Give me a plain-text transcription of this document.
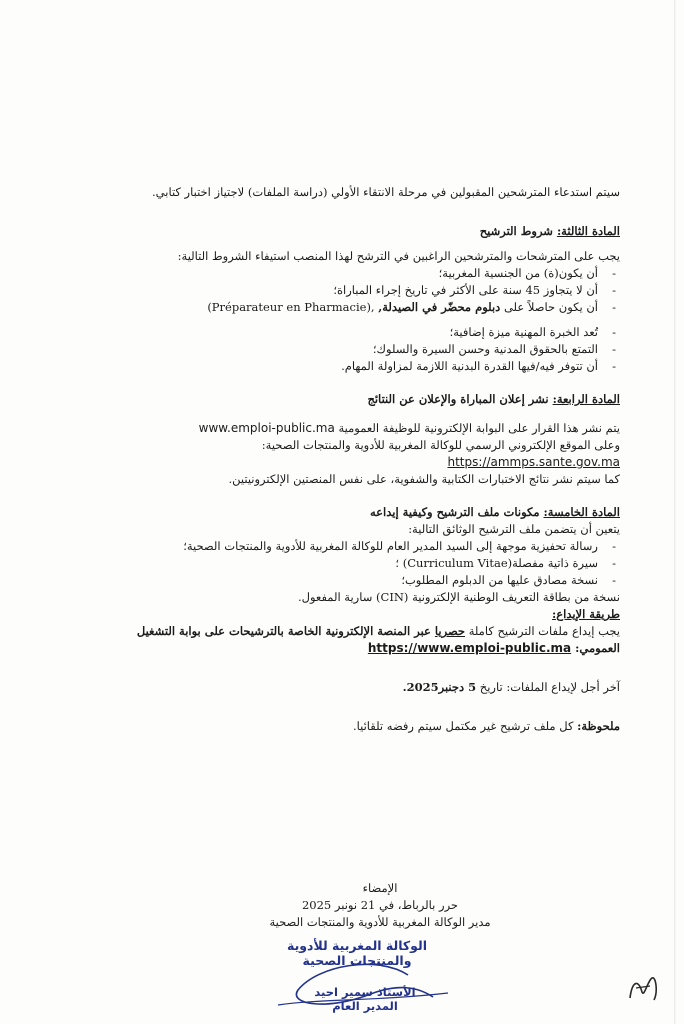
سيتم استدعاء المترشحين المقبولين في مرحلة الانتقاء الأولي (دراسة الملفات) لاجتياز اختبار كتابي.

المادة الثالثة: شروط الترشيح

يجب على المترشحات والمترشحين الراغبين في الترشح لهذا المنصب استيفاء الشروط التالية:

- أن يكون(ة) من الجنسية المغربية؛
- أن لا يتجاوز 45 سنة على الأكثر في تاريخ إجراء المباراة؛
- أن يكون حاصلاً على دبلوم محضّر في الصيدلة, (Préparateur en Pharmacie),
- تُعد الخبرة المهنية ميزة إضافية؛
- التمتع بالحقوق المدنية وحسن السيرة والسلوك؛
- أن تتوفر فيه/فيها القدرة البدنية اللازمة لمزاولة المهام.

المادة الرابعة: نشر إعلان المباراة والإعلان عن النتائج

يتم نشر هذا القرار على البوابة الإلكترونية للوظيفة العمومية www.emploi-public.ma

وعلى الموقع الإلكتروني الرسمي للوكالة المغربية للأدوية والمنتجات الصحية:

https://ammps.sante.gov.ma

كما سيتم نشر نتائج الاختبارات الكتابية والشفوية، على نفس المنصتين الإلكترونيتين.

المادة الخامسة: مكونات ملف الترشيح وكيفية إيداعه

يتعين أن يتضمن ملف الترشيح الوثائق التالية:

- رسالة تحفيزية موجهة إلى السيد المدير العام للوكالة المغربية للأدوية والمنتجات الصحية؛
- سيرة ذاتية مفصلة(Curriculum Vitae) ؛
- نسخة مصادق عليها من الدبلوم المطلوب؛

نسخة من بطاقة التعريف الوطنية الإلكترونية (CIN) سارية المفعول.

طريقة الإيداع:

يجب إيداع ملفات الترشيح كاملة حصريا عبر المنصة الإلكترونية الخاصة بالترشيحات على بوابة التشغيل العمومي: https://www.emploi-public.ma

آخر أجل لإيداع الملفات: تاريخ 5 دجنبر2025.

ملحوظة: كل ملف ترشيح غير مكتمل سيتم رفضه تلقائيا.

الإمضاء

حرر بالرباط، في 21 نونبر 2025

مدير الوكالة المغربية للأدوية والمنتجات الصحية

الوكالة المغربية للأدوية والمنتجات الصحية
الأستاذ سمير احيد
المدير العام
